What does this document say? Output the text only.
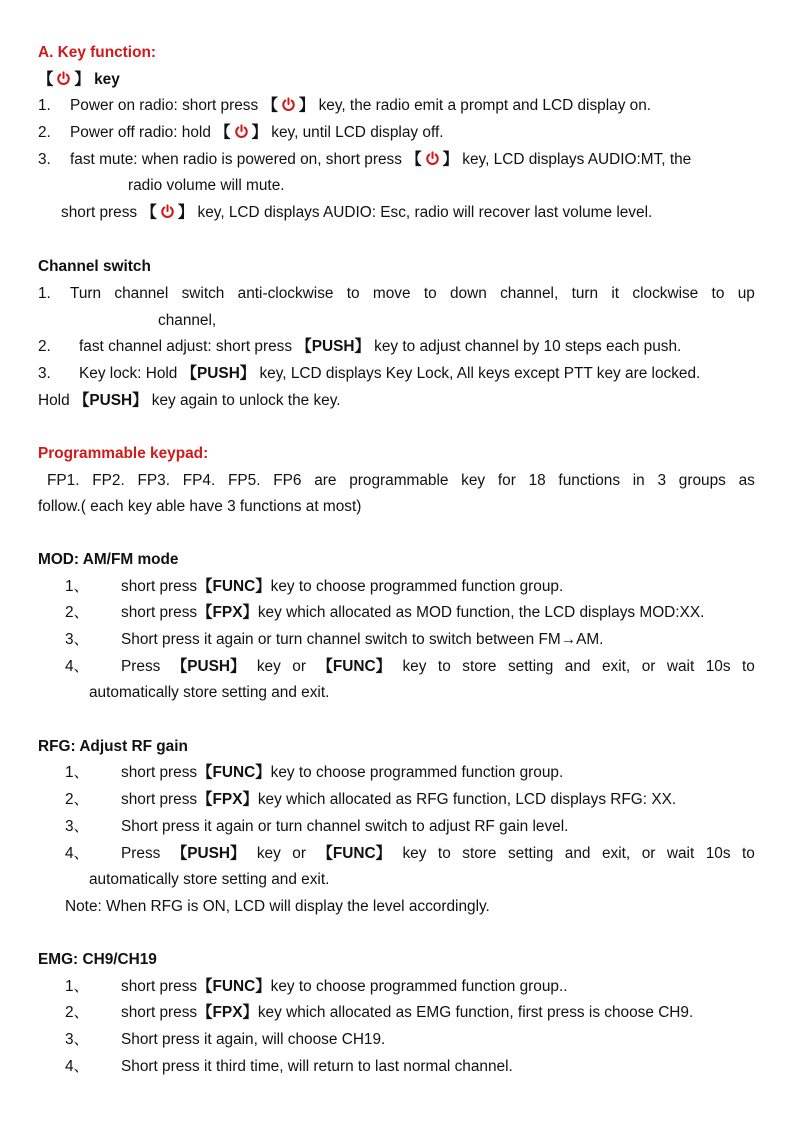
A. Key function:
【 】 key
1. Power on radio: short press 【 】 key, the radio emit a prompt and LCD display on.
2. Power off radio: hold 【 】 key, until LCD display off.
3. fast mute: when radio is powered on, short press 【 】 key, LCD displays AUDIO:MT, the
radio volume will mute.
short press 【 】 key, LCD displays AUDIO: Esc, radio will recover last volume level.
Channel switch
1. Turn channel switch anti-clockwise to move to down channel, turn it clockwise to up
channel,
2. fast channel adjust: short press 【PUSH】 key to adjust channel by 10 steps each push.
3. Key lock: Hold 【PUSH】 key, LCD displays Key Lock, All keys except PTT key are locked.
Hold 【PUSH】 key again to unlock the key.
Programmable keypad:
FP1. FP2. FP3. FP4. FP5. FP6 are programmable key for 18 functions in 3 groups as
follow.( each key able have 3 functions at most)
MOD: AM/FM mode
1、 short press【FUNC】key to choose programmed function group.
2、 short press【FPX】key which allocated as MOD function, the LCD displays MOD:XX.
3、 Short press it again or turn channel switch to switch between FM→AM.
4、 Press 【PUSH】 key or 【FUNC】 key to store setting and exit, or wait 10s to
automatically store setting and exit.
RFG: Adjust RF gain
1、 short press【FUNC】key to choose programmed function group.
2、 short press【FPX】key which allocated as RFG function, LCD displays RFG: XX.
3、 Short press it again or turn channel switch to adjust RF gain level.
4、 Press 【PUSH】 key or 【FUNC】 key to store setting and exit, or wait 10s to
automatically store setting and exit.
Note: When RFG is ON, LCD will display the level accordingly.
EMG: CH9/CH19
1、 short press【FUNC】key to choose programmed function group..
2、 short press【FPX】key which allocated as EMG function, first press is choose CH9.
3、 Short press it again, will choose CH19.
4、 Short press it third time, will return to last normal channel.
